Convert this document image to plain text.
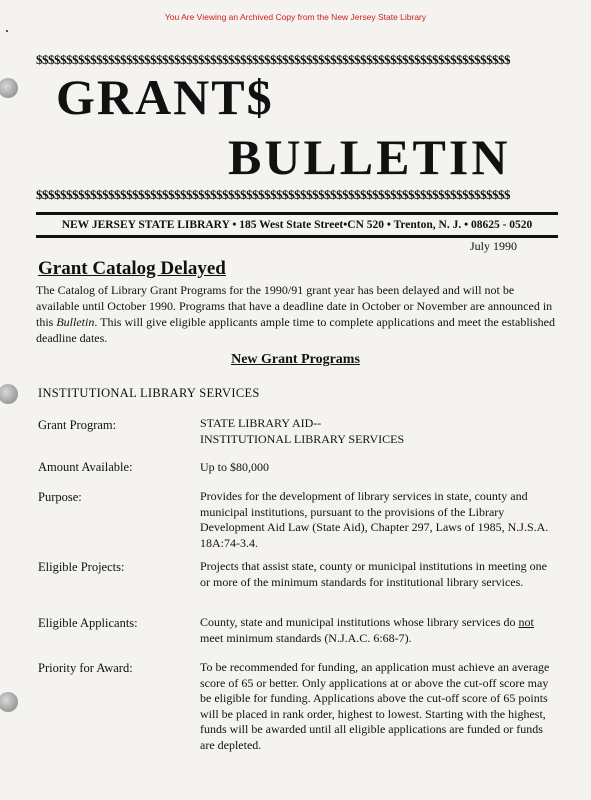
You Are Viewing an Archived Copy from the New Jersey State Library
$$$$$$$$$$$$$$$$$$$$$$$$$$$$$$$$$$$$$$$$$$$$$$$$$$$$$$$$$$$$$$$$$$$$$$$$$$$$$$$
GRANT$
BULLETIN
$$$$$$$$$$$$$$$$$$$$$$$$$$$$$$$$$$$$$$$$$$$$$$$$$$$$$$$$$$$$$$$$$$$$$$$$$$$$$$$
NEW JERSEY STATE LIBRARY • 185 West State Street•CN 520 • Trenton, N. J. • 08625 - 0520
July 1990
Grant Catalog Delayed
The Catalog of Library Grant Programs for the 1990/91 grant year has been delayed and will not be available until October 1990. Programs that have a deadline date in October or November are announced in this Bulletin. This will give eligible applicants ample time to complete applications and meet the established deadline dates.
New Grant Programs
INSTITUTIONAL LIBRARY SERVICES
Grant Program:	STATE LIBRARY AID--
INSTITUTIONAL LIBRARY SERVICES
Amount Available:	Up to $80,000
Purpose:	Provides for the development of library services in state, county and municipal institutions, pursuant to the provisions of the Library Development Aid Law (State Aid), Chapter 297, Laws of 1985, N.J.S.A. 18A:74-3.4.
Eligible Projects:	Projects that assist state, county or municipal institutions in meeting one or more of the minimum standards for institutional library services.
Eligible Applicants:	County, state and municipal institutions whose library services do not meet minimum standards (N.J.A.C. 6:68-7).
Priority for Award:	To be recommended for funding, an application must achieve an average score of 65 or better. Only applications at or above the cut-off score may be eligible for funding. Applications above the cut-off score of 65 points will be placed in rank order, highest to lowest. Starting with the highest, funds will be awarded until all eligible applications are funded or funds are depleted.
